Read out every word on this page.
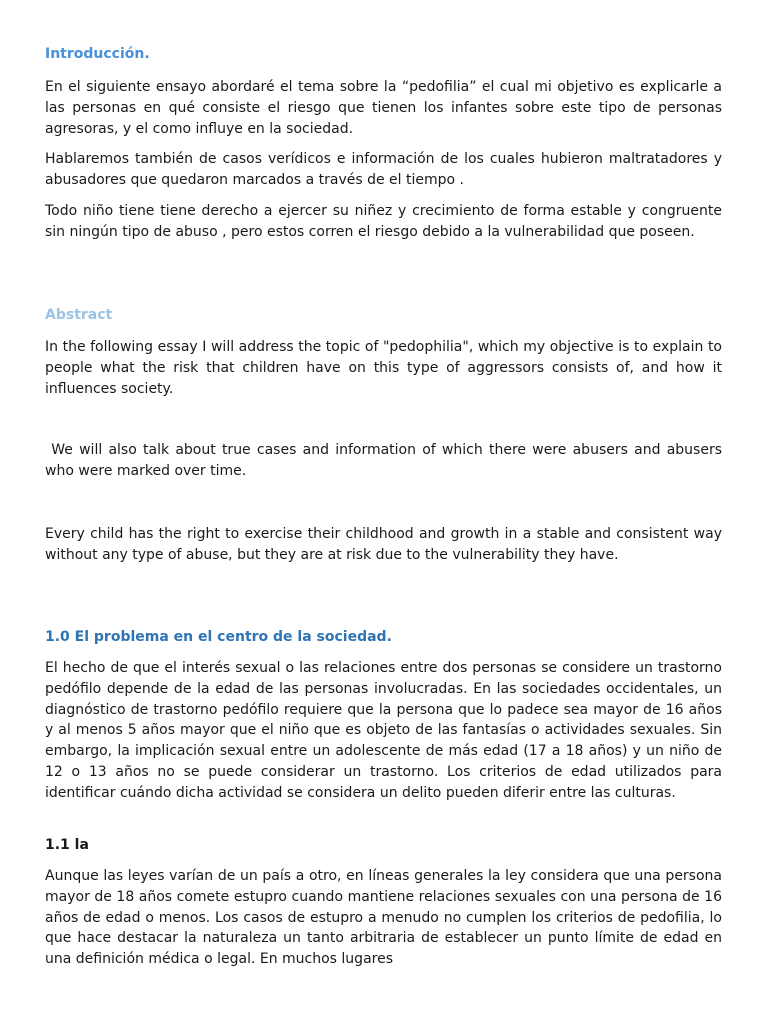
Introducción.

En el siguiente ensayo abordaré el tema sobre la “pedofilia” el cual mi objetivo es explicarle a las personas en qué consiste el riesgo que tienen los infantes sobre este tipo de personas agresoras, y el como influye en la sociedad.

Hablaremos también de casos verídicos e información de los cuales hubieron maltratadores y abusadores que quedaron marcados a través de el tiempo .

Todo niño tiene tiene derecho a ejercer su niñez y crecimiento de forma estable y congruente sin ningún tipo de abuso , pero estos corren el riesgo debido a la vulnerabilidad que poseen.

Abstract

In the following essay I will address the topic of "pedophilia", which my objective is to explain to people what the risk that children have on this type of aggressors consists of, and how it influences society.

We will also talk about true cases and information of which there were abusers and abusers who were marked over time.

Every child has the right to exercise their childhood and growth in a stable and consistent way without any type of abuse, but they are at risk due to the vulnerability they have.

1.0 El problema en el centro de la sociedad.

El hecho de que el interés sexual o las relaciones entre dos personas se considere un trastorno pedófilo depende de la edad de las personas involucradas. En las sociedades occidentales, un diagnóstico de trastorno pedófilo requiere que la persona que lo padece sea mayor de 16 años y al menos 5 años mayor que el niño que es objeto de las fantasías o actividades sexuales. Sin embargo, la implicación sexual entre un adolescente de más edad (17 a 18 años) y un niño de 12 o 13 años no se puede considerar un trastorno. Los criterios de edad utilizados para identificar cuándo dicha actividad se considera un delito pueden diferir entre las culturas.

1.1 la

Aunque las leyes varían de un país a otro, en líneas generales la ley considera que una persona mayor de 18 años comete estupro cuando mantiene relaciones sexuales con una persona de 16 años de edad o menos. Los casos de estupro a menudo no cumplen los criterios de pedofilia, lo que hace destacar la naturaleza un tanto arbitraria de establecer un punto límite de edad en una definición médica o legal. En muchos lugares
